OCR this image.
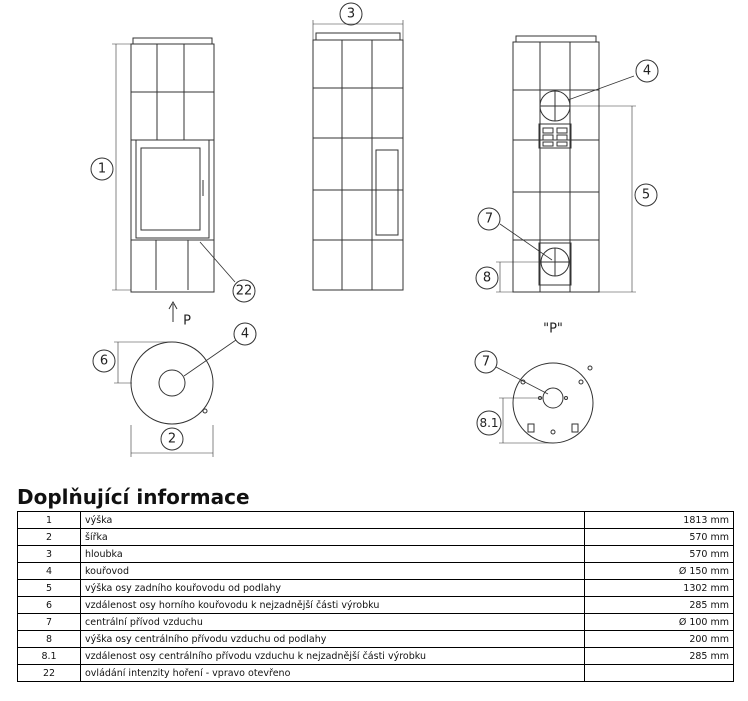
1
22
3
4
7
5
8
4
6
2
7
8.1
P
"P"
Doplňující informace
1	výška	1813 mm
2	šířka	570 mm
3	hloubka	570 mm
4	kouřovod	Ø 150 mm
5	výška osy zadního kouřovodu od podlahy	1302 mm
6	vzdálenost osy horního kouřovodu k nejzadnější části výrobku	285 mm
7	centrální přívod vzduchu	Ø 100 mm
8	výška osy centrálního přívodu vzduchu od podlahy	200 mm
8.1	vzdálenost osy centrálního přívodu vzduchu k nejzadnější části výrobku	285 mm
22	ovládání intenzity hoření - vpravo otevřeno	
